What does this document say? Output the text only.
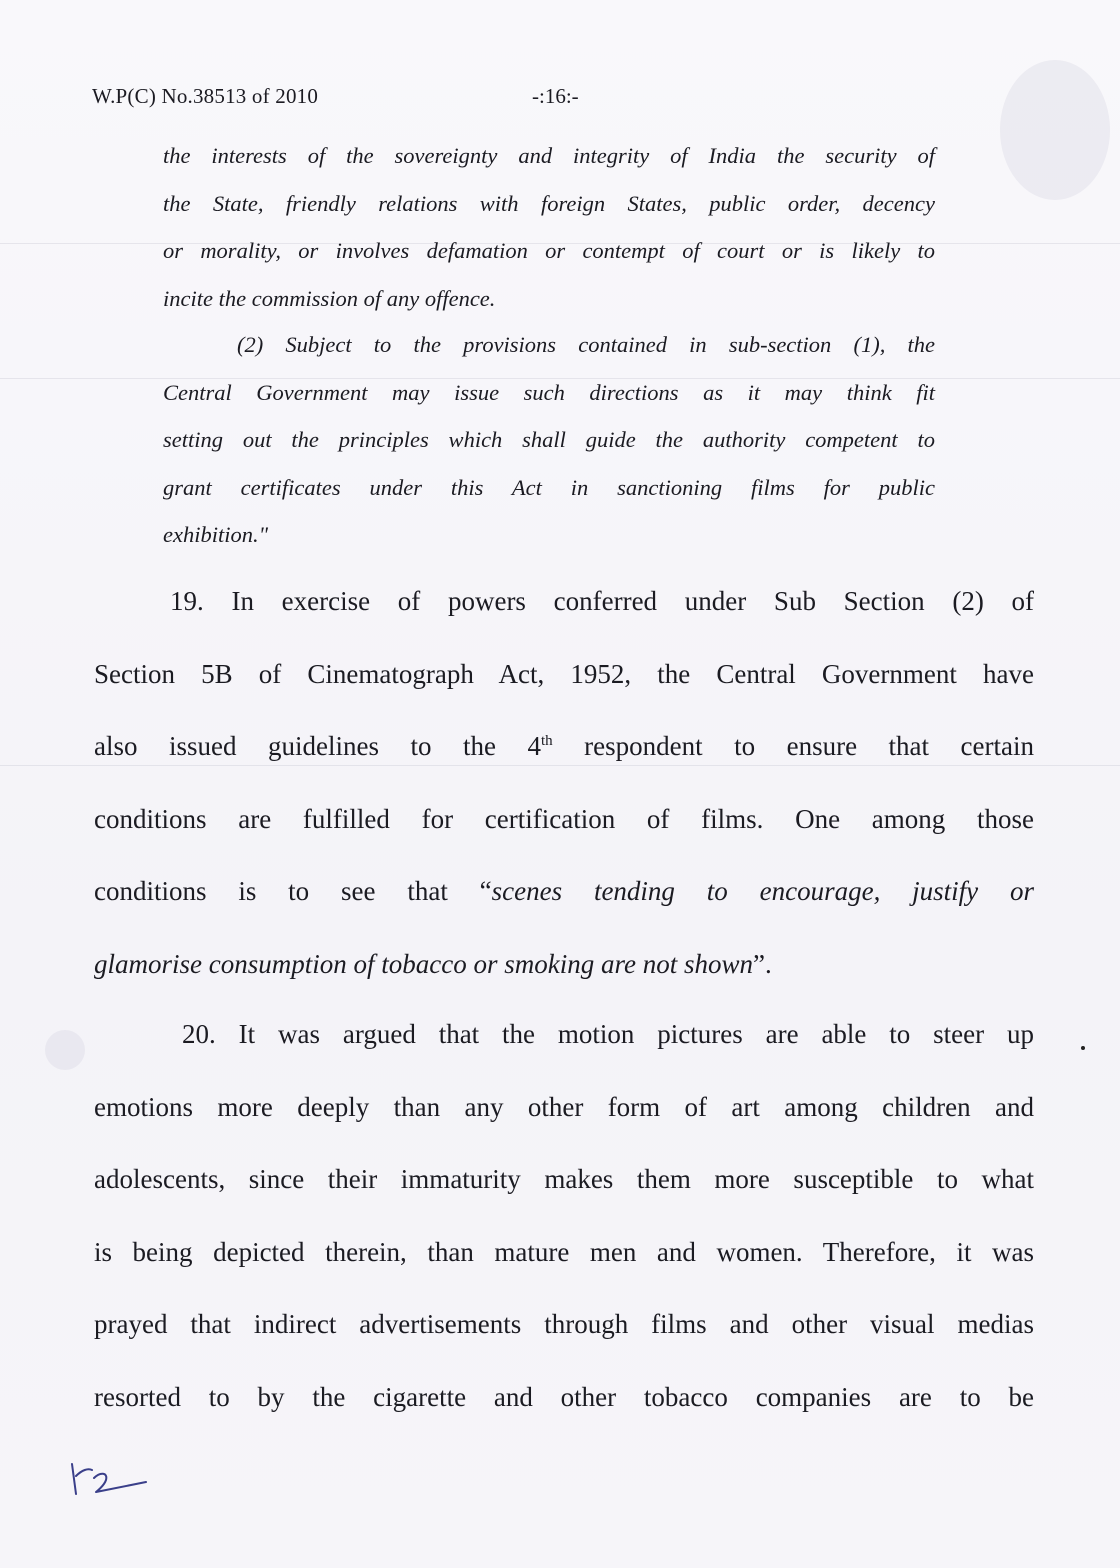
W.P(C) No.38513 of 2010	-:16:-
the interests of the sovereignty and integrity of India the security of
the State, friendly relations with foreign States, public order, decency
or morality, or involves defamation or contempt of court or is likely to
incite the commission of any offence.
(2) Subject to the provisions contained in sub-section (1), the
Central Government may issue such directions as it may think fit
setting out the principles which shall guide the authority competent to
grant certificates under this Act in sanctioning films for public
exhibition."
19. In exercise of powers conferred under Sub Section (2) of
Section 5B of Cinematograph Act, 1952, the Central Government have
also issued guidelines to the 4th respondent to ensure that certain
conditions are fulfilled for certification of films. One among those
conditions is to see that “scenes tending to encourage, justify or
glamorise consumption of tobacco or smoking are not shown”.
20. It was argued that the motion pictures are able to steer up
emotions more deeply than any other form of art among children and
adolescents, since their immaturity makes them more susceptible to what
is being depicted therein, than mature men and women. Therefore, it was
prayed that indirect advertisements through films and other visual medias
resorted to by the cigarette and other tobacco companies are to be
